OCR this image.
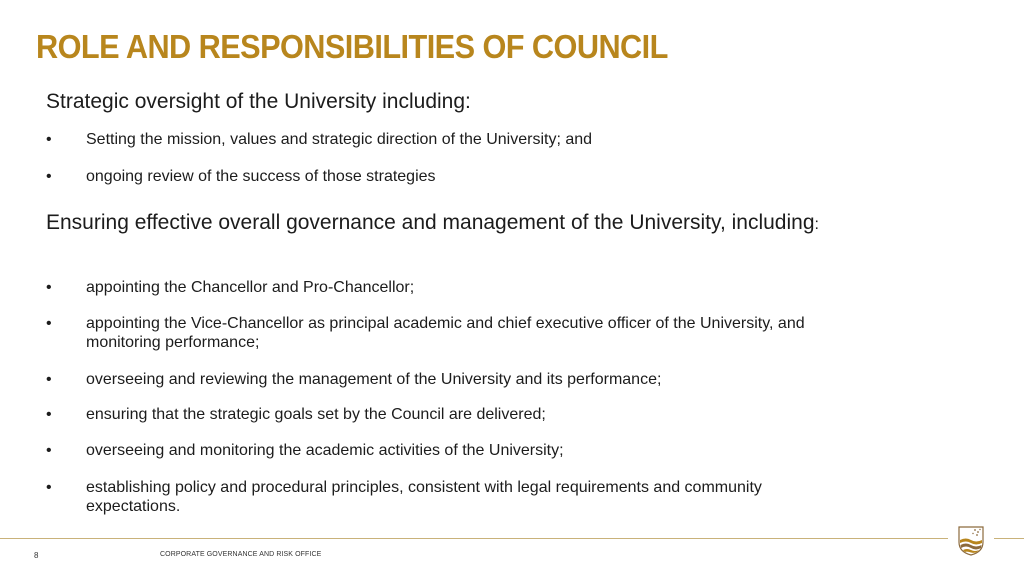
ROLE AND RESPONSIBILITIES OF COUNCIL

Strategic oversight of the University including:

•	Setting the mission, values and strategic direction of the University; and
•	ongoing review of the success of those strategies

Ensuring effective overall governance and management of the University, including:

•	appointing the Chancellor and Pro-Chancellor;
•	appointing the Vice-Chancellor as principal academic and chief executive officer of the University, and monitoring performance;
•	overseeing and reviewing the management of the University and its performance;
•	ensuring that the strategic goals set by the Council are delivered;
•	overseeing and monitoring the academic activities of the University;
•	establishing policy and procedural principles, consistent with legal requirements and community expectations.
8	CORPORATE GOVERNANCE AND RISK OFFICE
